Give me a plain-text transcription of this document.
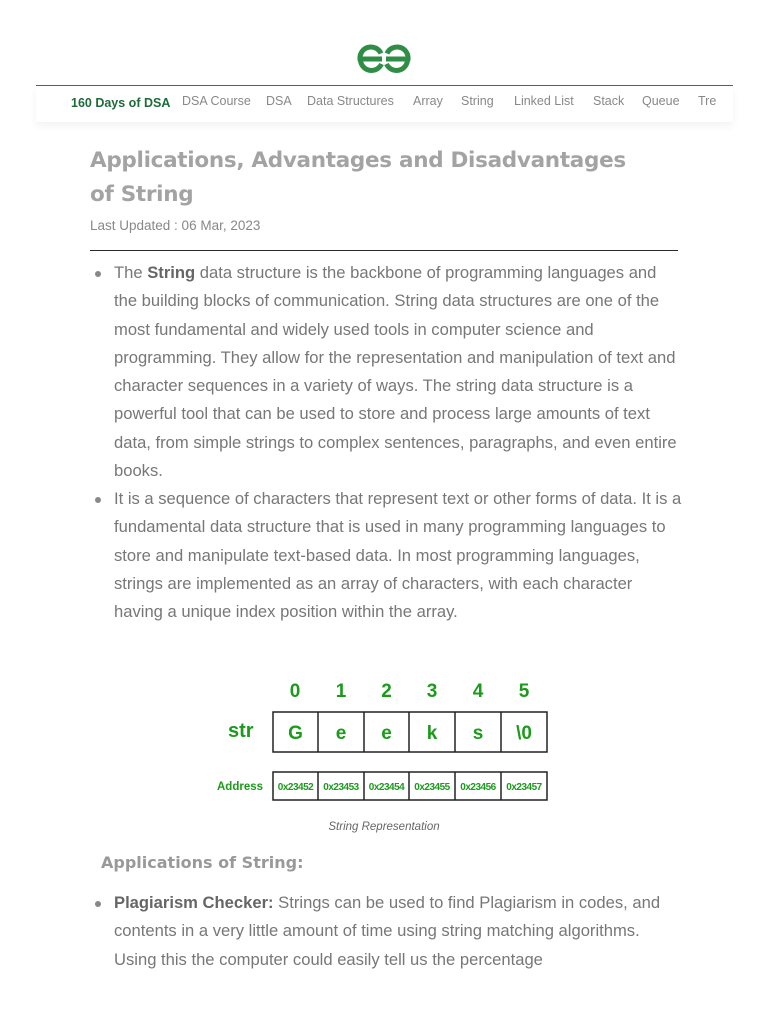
160 Days of DSA DSA Course DSA Data Structures Array String Linked List Stack Queue Tre
Applications, Advantages and Disadvantages of String
Last Updated : 06 Mar, 2023

The String data structure is the backbone of programming languages and the building blocks of communication. String data structures are one of the most fundamental and widely used tools in computer science and programming. They allow for the representation and manipulation of text and character sequences in a variety of ways. The string data structure is a powerful tool that can be used to store and process large amounts of text data, from simple strings to complex sentences, paragraphs, and even entire books.

It is a sequence of characters that represent text or other forms of data. It is a fundamental data structure that is used in many programming languages to store and manipulate text-based data. In most programming languages, strings are implemented as an array of characters, with each character having a unique index position within the array.

0 1 2 3 4 5
str G e e k s \0
Address 0x23452 0x23453 0x23454 0x23455 0x23456 0x23457
String Representation
Applications of String:

Plagiarism Checker: Strings can be used to find Plagiarism in codes, and contents in a very little amount of time using string matching algorithms. Using this the computer could easily tell us the percentage
